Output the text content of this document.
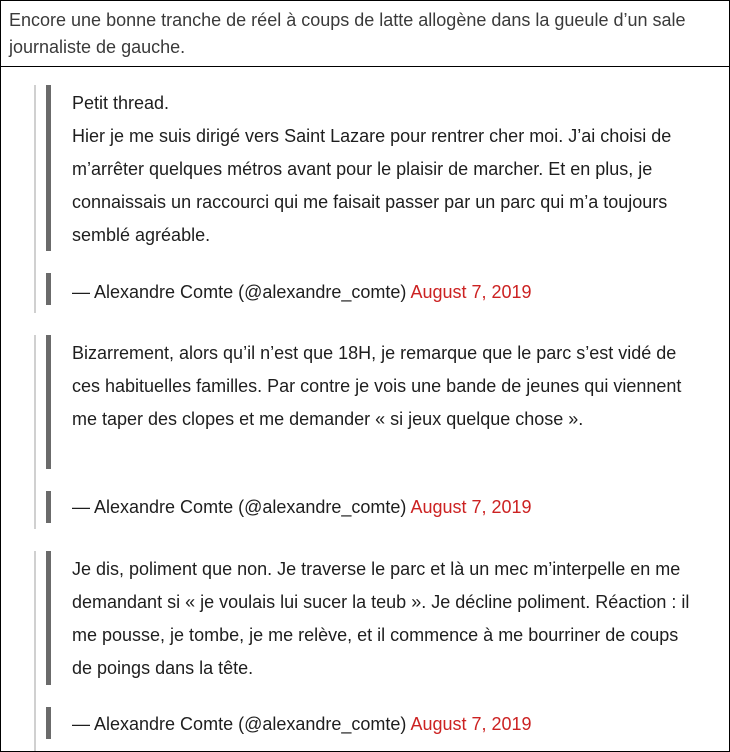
Encore une bonne tranche de réel à coups de latte allogène dans la gueule d’un sale journaliste de gauche.

Petit thread.

Hier je me suis dirigé vers Saint Lazare pour rentrer cher moi. J’ai choisi de m’arrêter quelques métros avant pour le plaisir de marcher. Et en plus, je connaissais un raccourci qui me faisait passer par un parc qui m’a toujours semblé agréable.

— Alexandre Comte (@alexandre_comte) August 7, 2019

Bizarrement, alors qu’il n’est que 18H, je remarque que le parc s’est vidé de ces habituelles familles. Par contre je vois une bande de jeunes qui viennent me taper des clopes et me demander « si jeux quelque chose ».

— Alexandre Comte (@alexandre_comte) August 7, 2019

Je dis, poliment que non. Je traverse le parc et là un mec m’interpelle en me demandant si « je voulais lui sucer la teub ». Je décline poliment. Réaction : il me pousse, je tombe, je me relève, et il commence à me bourriner de coups de poings dans la tête.

— Alexandre Comte (@alexandre_comte) August 7, 2019
